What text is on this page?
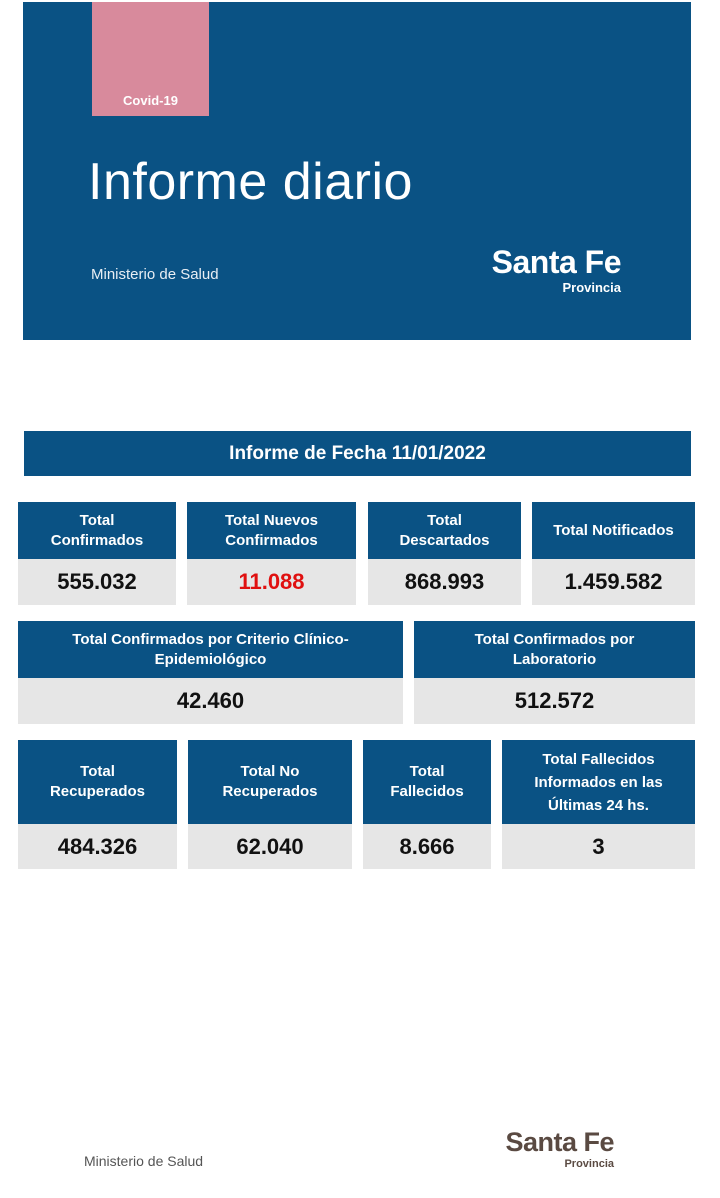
Covid-19
Informe diario
Ministerio de Salud	Santa Fe
Provincia
Informe de Fecha 11/01/2022
Total Confirmados
555.032
Total Nuevos Confirmados
11.088
Total Descartados
868.993
Total Notificados
1.459.582
Total Confirmados por Criterio Clínico-Epidemiológico
42.460
Total Confirmados por Laboratorio
512.572
Total Recuperados
484.326
Total No Recuperados
62.040
Total Fallecidos
8.666
Total Fallecidos Informados en las Últimas 24 hs.
3
Ministerio de Salud
Santa Fe
Provincia
